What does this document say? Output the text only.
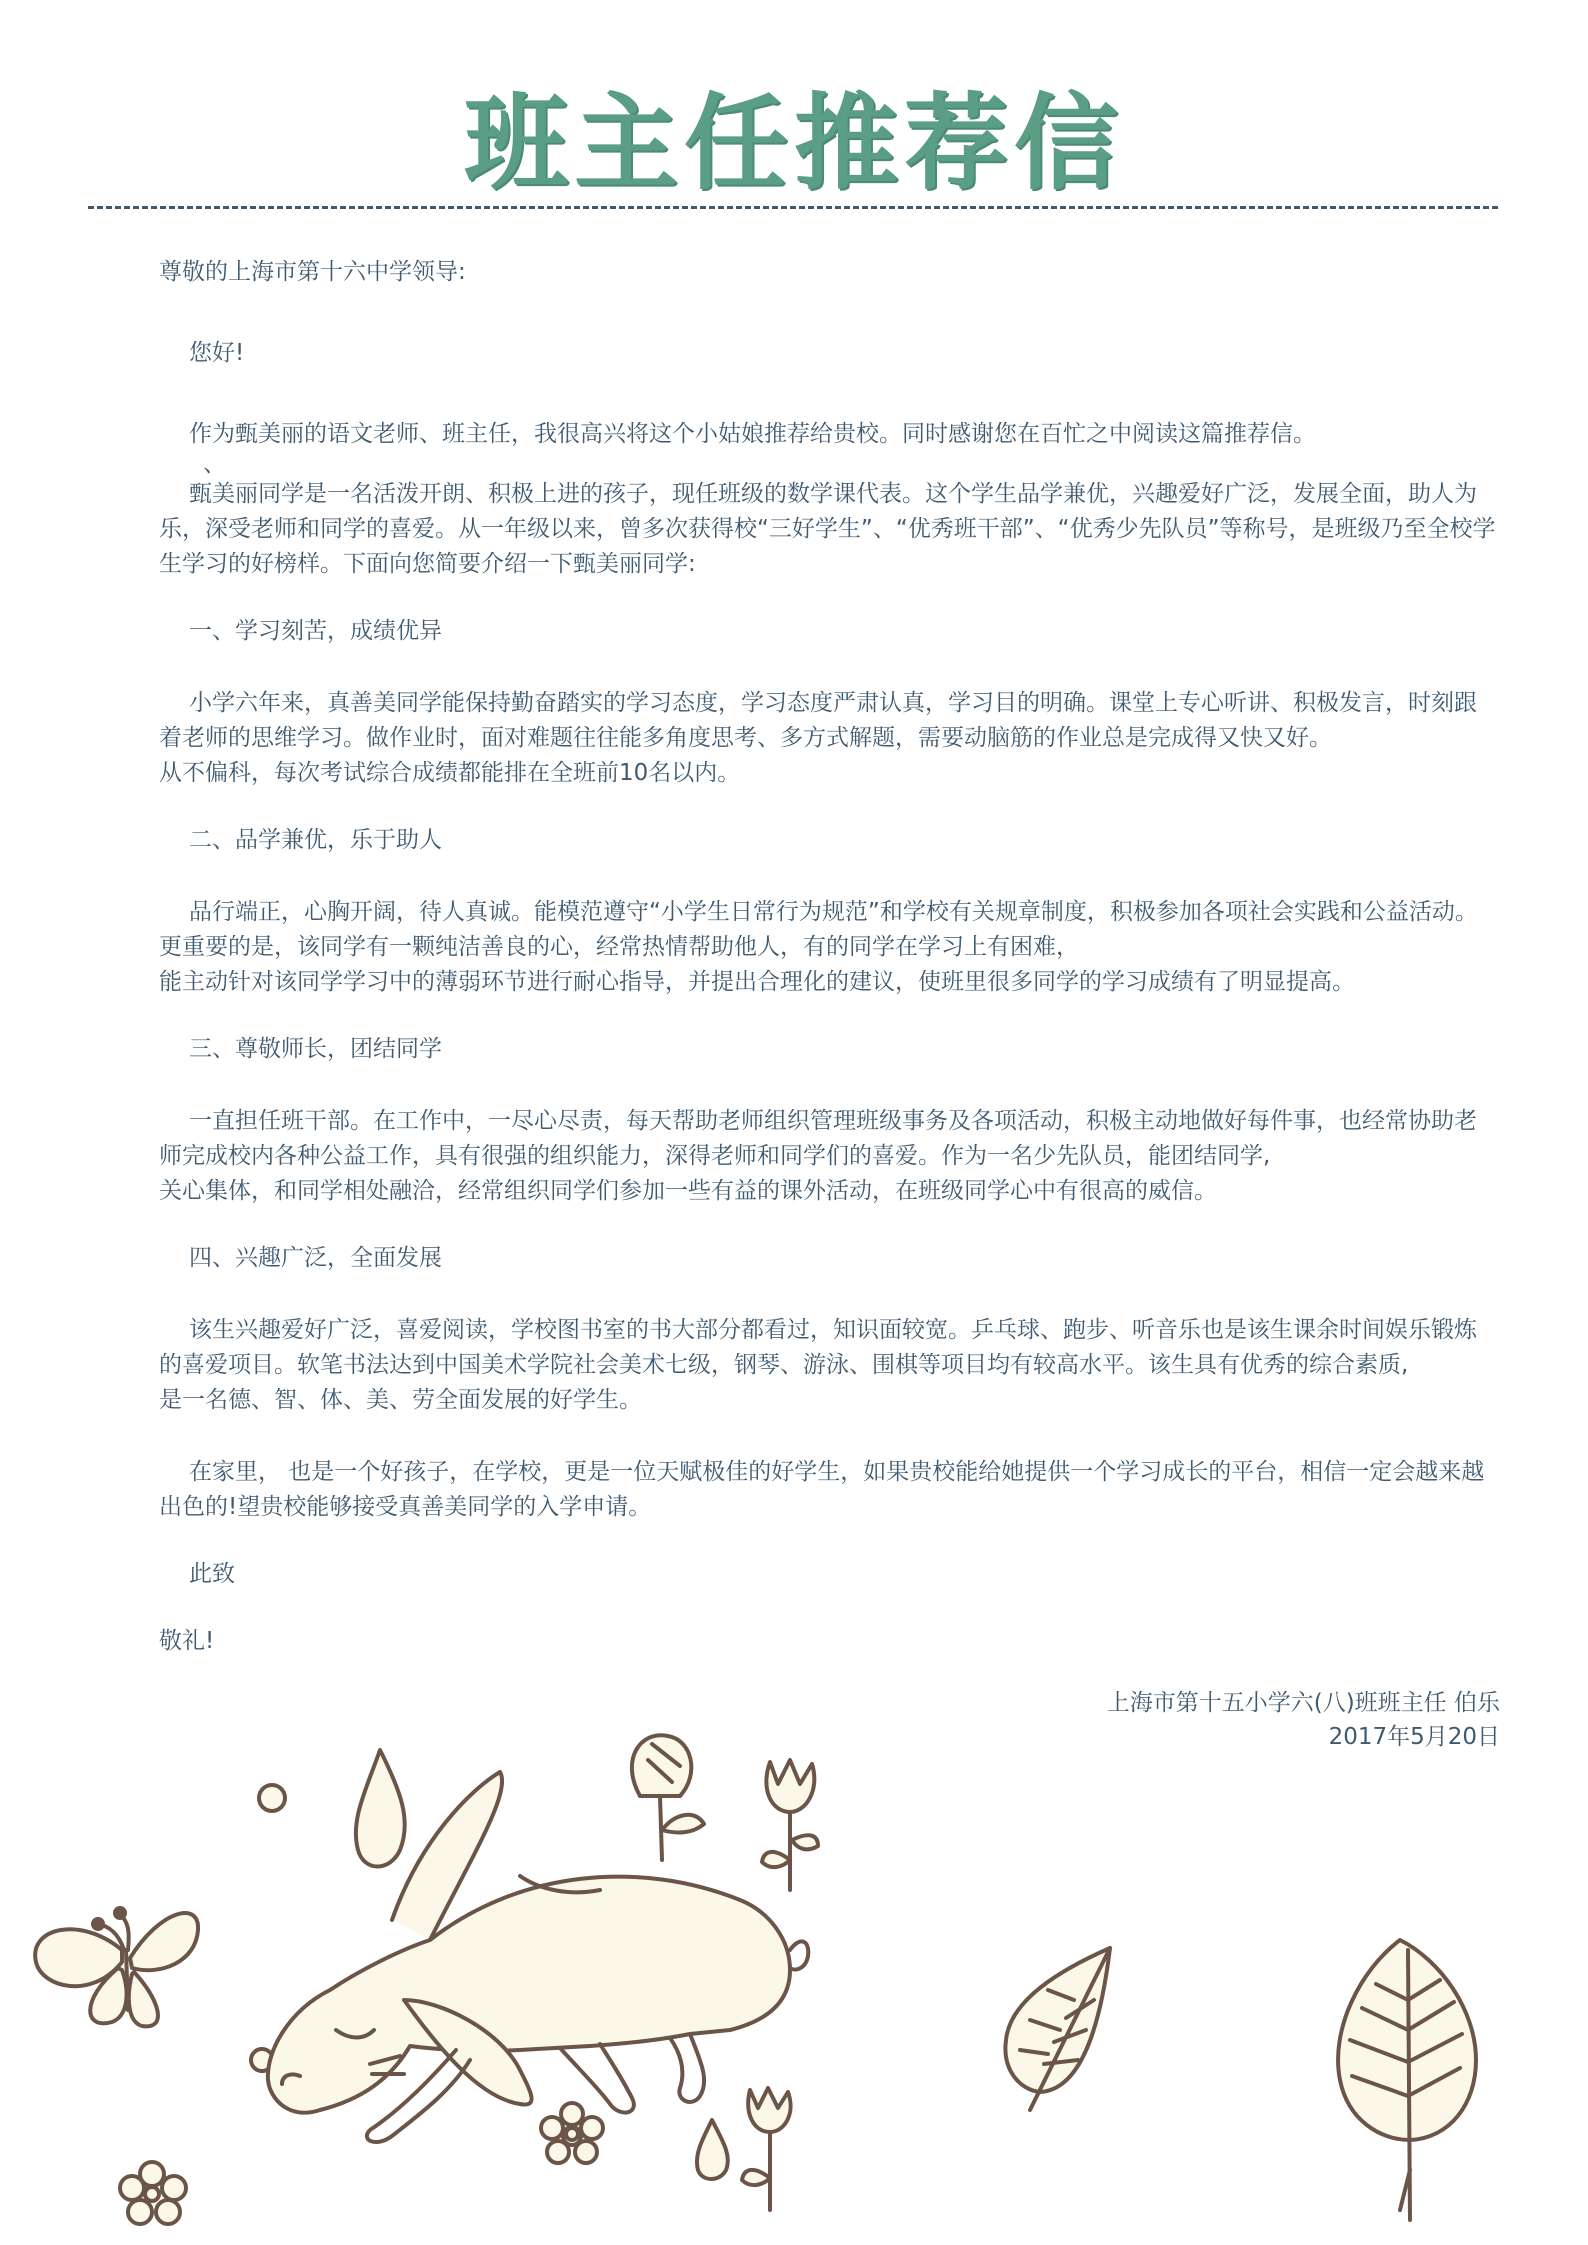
班主任推荐信

尊敬的上海市第十六中学领导:

您好!

作为甄美丽的语文老师、班主任，我很高兴将这个小姑娘推荐给贵校。同时感谢您在百忙之中阅读这篇推荐信。

、

甄美丽同学是一名活泼开朗、积极上进的孩子，现任班级的数学课代表。这个学生品学兼优，兴趣爱好广泛，发展全面，助人为乐，深受老师和同学的喜爱。从一年级以来，曾多次获得校“三好学生”、“优秀班干部”、“优秀少先队员”等称号，是班级乃至全校学生学习的好榜样。下面向您简要介绍一下甄美丽同学:

一、学习刻苦，成绩优异

小学六年来，真善美同学能保持勤奋踏实的学习态度，学习态度严肃认真，学习目的明确。课堂上专心听讲、积极发言，时刻跟着老师的思维学习。做作业时，面对难题往往能多角度思考、多方式解题，需要动脑筋的作业总是完成得又快又好。

从不偏科，每次考试综合成绩都能排在全班前10名以内。

二、品学兼优，乐于助人

品行端正，心胸开阔，待人真诚。能模范遵守“小学生日常行为规范”和学校有关规章制度，积极参加各项社会实践和公益活动。更重要的是，该同学有一颗纯洁善良的心，经常热情帮助他人，有的同学在学习上有困难，

能主动针对该同学学习中的薄弱环节进行耐心指导，并提出合理化的建议，使班里很多同学的学习成绩有了明显提高。

三、尊敬师长，团结同学

一直担任班干部。在工作中，一尽心尽责，每天帮助老师组织管理班级事务及各项活动，积极主动地做好每件事，也经常协助老师完成校内各种公益工作，具有很强的组织能力，深得老师和同学们的喜爱。作为一名少先队员，能团结同学,

关心集体，和同学相处融洽，经常组织同学们参加一些有益的课外活动，在班级同学心中有很高的威信。

四、兴趣广泛，全面发展

该生兴趣爱好广泛，喜爱阅读，学校图书室的书大部分都看过，知识面较宽。乒乓球、跑步、听音乐也是该生课余时间娱乐锻炼的喜爱项目。软笔书法达到中国美术学院社会美术七级，钢琴、游泳、围棋等项目均有较高水平。该生具有优秀的综合素质,

是一名德、智、体、美、劳全面发展的好学生。

在家里， 也是一个好孩子，在学校，更是一位天赋极佳的好学生，如果贵校能给她提供一个学习成长的平台，相信一定会越来越出色的!望贵校能够接受真善美同学的入学申请。

此致

敬礼!

上海市第十五小学六(八)班班主任 伯乐
2017年5月20日
